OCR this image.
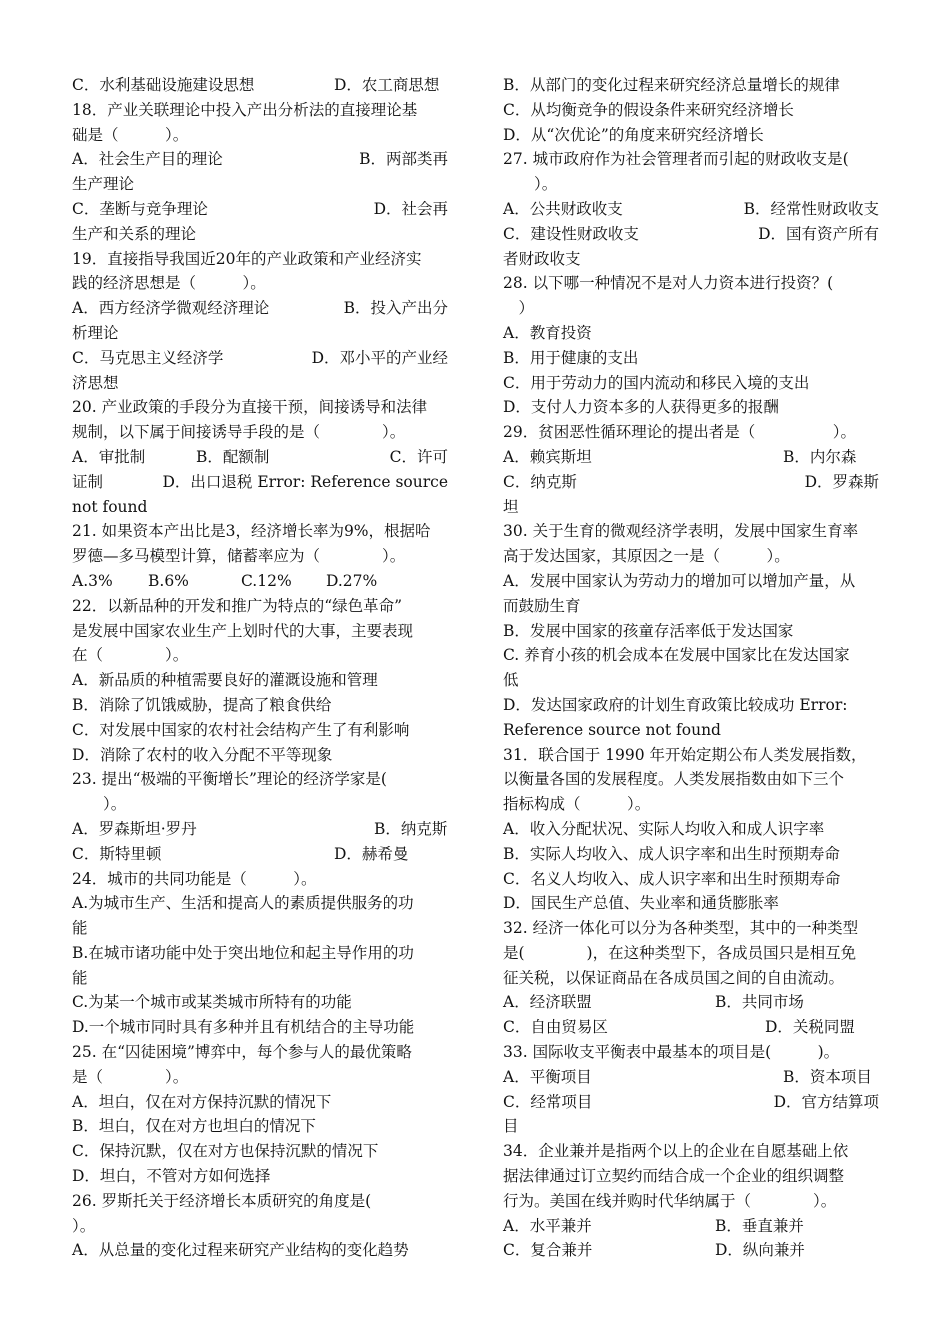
C．水利基础设施建设思想	D．农工商思想
18．产业关联理论中投入产出分析法的直接理论基
础是（　　　）。
A．社会生产目的理论	B．两部类再
生产理论
C．垄断与竞争理论	D．社会再
生产和关系的理论
19．直接指导我国近20年的产业政策和产业经济实
践的经济思想是（　　　）。
A．西方经济学微观经济理论	B．投入产出分
析理论
C．马克思主义经济学	D．邓小平的产业经
济思想
20. 产业政策的手段分为直接干预，间接诱导和法律
规制，以下属于间接诱导手段的是（　　　　）。
A．审批制	B．配额制	C．许可
证制	D．出口退税 Error: Reference source
not found
21. 如果资本产出比是3，经济增长率为9%，根据哈
罗德—多马模型计算，储蓄率应为（　　　　）。
A.3% B.6%	C.12% D.27%
22．以新品种的开发和推广为特点的“绿色革命”
是发展中国家农业生产上划时代的大事，主要表现
在（　　　　）。
A．新品质的种植需要良好的灌溉设施和管理
B．消除了饥饿威胁，提高了粮食供给
C．对发展中国家的农村社会结构产生了有利影响
D．消除了农村的收入分配不平等现象
23. 提出“极端的平衡增长”理论的经济学家是(
　　）。
A．罗森斯坦·罗丹	B．纳克斯
C．斯特里顿	D．赫希曼
24．城市的共同功能是（　　　）。
A.为城市生产、生活和提高人的素质提供服务的功
能
B.在城市诸功能中处于突出地位和起主导作用的功
能
C.为某一个城市或某类城市所特有的功能
D.一个城市同时具有多种并且有机结合的主导功能
25. 在“囚徒困境”博弈中，每个参与人的最优策略
是（　　　　）。
A．坦白，仅在对方保持沉默的情况下
B．坦白，仅在对方也坦白的情况下
C．保持沉默，仅在对方也保持沉默的情况下
D．坦白，不管对方如何选择
26. 罗斯托关于经济增长本质研究的角度是(
）。
A．从总量的变化过程来研究产业结构的变化趋势
B．从部门的变化过程来研究经济总量增长的规律
C．从均衡竞争的假设条件来研究经济增长
D．从“次优论”的角度来研究经济增长
27. 城市政府作为社会管理者而引起的财政收支是(
　　）。
A．公共财政收支	B．经常性财政收支
C．建设性财政收支	D．国有资产所有
者财政收支
28. 以下哪一种情况不是对人力资本进行投资？(
　）
A．教育投资
B．用于健康的支出
C．用于劳动力的国内流动和移民入境的支出
D．支付人力资本多的人获得更多的报酬
29．贫困恶性循环理论的提出者是（　　　　　）。
A．赖宾斯坦	B．内尔森
C．纳克斯	D．罗森斯
坦
30. 关于生育的微观经济学表明，发展中国家生育率
高于发达国家，其原因之一是（　　　）。
A．发展中国家认为劳动力的增加可以增加产量，从
而鼓励生育
B．发展中国家的孩童存活率低于发达国家
C. 养育小孩的机会成本在发展中国家比在发达国家
低
D．发达国家政府的计划生育政策比较成功 Error:
Reference source not found
31．联合国于 1990 年开始定期公布人类发展指数，
以衡量各国的发展程度。人类发展指数由如下三个
指标构成（　　　）。
A．收入分配状况、实际人均收入和成人识字率
B．实际人均收入、成人识字率和出生时预期寿命
C．名义人均收入、成人识字率和出生时预期寿命
D．国民生产总值、失业率和通货膨胀率
32. 经济一体化可以分为各种类型，其中的一种类型
是(　　　　)，在这种类型下，各成员国只是相互免
征关税，以保证商品在各成员国之间的自由流动。
A．经济联盟	B．共同市场
C．自由贸易区	D．关税同盟
33. 国际收支平衡表中最基本的项目是(　　　)。
A．平衡项目	B．资本项目
C．经常项目	D．官方结算项
目
34．企业兼并是指两个以上的企业在自愿基础上依
据法律通过订立契约而结合成一个企业的组织调整
行为。美国在线并购时代华纳属于（　　　　）。
A．水平兼并	B．垂直兼并
C．复合兼并	D．纵向兼并
